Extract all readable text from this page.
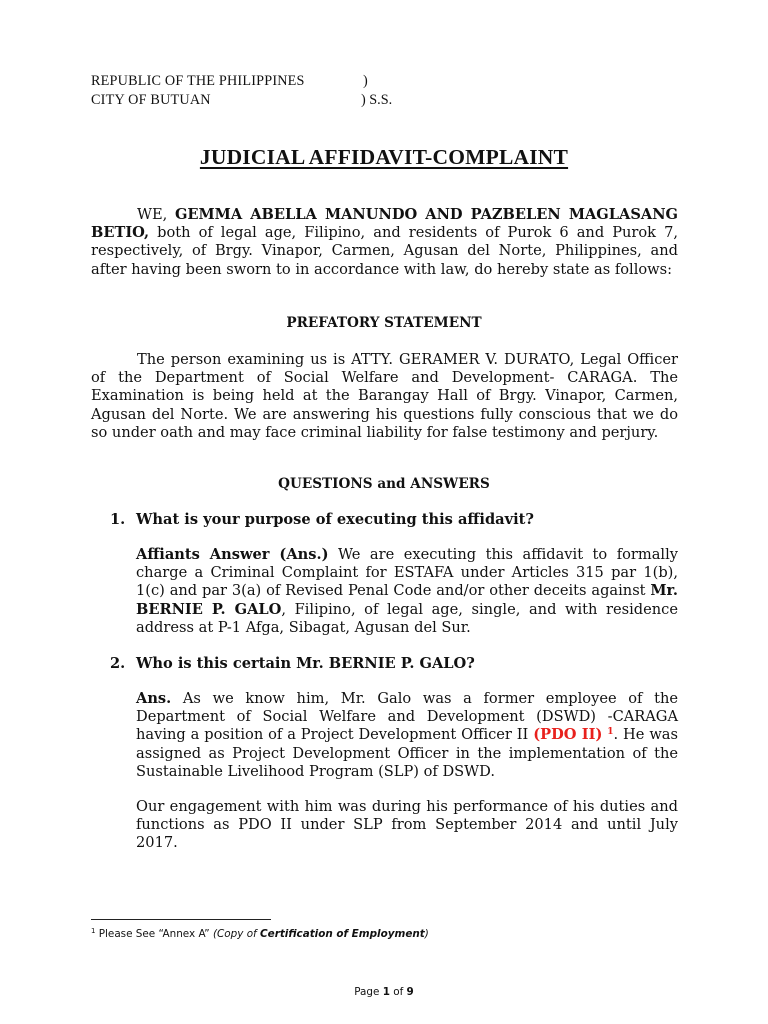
REPUBLIC OF THE PHILIPPINES	)
CITY OF BUTUAN	) S.S.
JUDICIAL AFFIDAVIT-COMPLAINT
WE, GEMMA ABELLA MANUNDO AND PAZBELEN MAGLASANG BETIO, both of legal age, Filipino, and residents of Purok 6 and Purok 7, respectively, of Brgy. Vinapor, Carmen, Agusan del Norte, Philippines, and after having been sworn to in accordance with law, do hereby state as follows:
PREFATORY STATEMENT
The person examining us is ATTY. GERAMER V. DURATO, Legal Officer of the Department of Social Welfare and Development- CARAGA. The Examination is being held at the Barangay Hall of Brgy. Vinapor, Carmen, Agusan del Norte. We are answering his questions fully conscious that we do so under oath and may face criminal liability for false testimony and perjury.
QUESTIONS and ANSWERS
1. What is your purpose of executing this affidavit?
Affiants Answer (Ans.) We are executing this affidavit to formally charge a Criminal Complaint for ESTAFA under Articles 315 par 1(b), 1(c) and par 3(a) of Revised Penal Code and/or other deceits against Mr. BERNIE P. GALO, Filipino, of legal age, single, and with residence address at P-1 Afga, Sibagat, Agusan del Sur.
2. Who is this certain Mr. BERNIE P. GALO?
Ans. As we know him, Mr. Galo was a former employee of the Department of Social Welfare and Development (DSWD) -CARAGA having a position of a Project Development Officer II (PDO II) $^1$. He was assigned as Project Development Officer in the implementation of the Sustainable Livelihood Program (SLP) of DSWD.
Our engagement with him was during his performance of his duties and functions as PDO II under SLP from September 2014 and until July 2017.
$^1$ Please See “Annex A” (Copy of Certification of Employment)
Page 1 of 9
